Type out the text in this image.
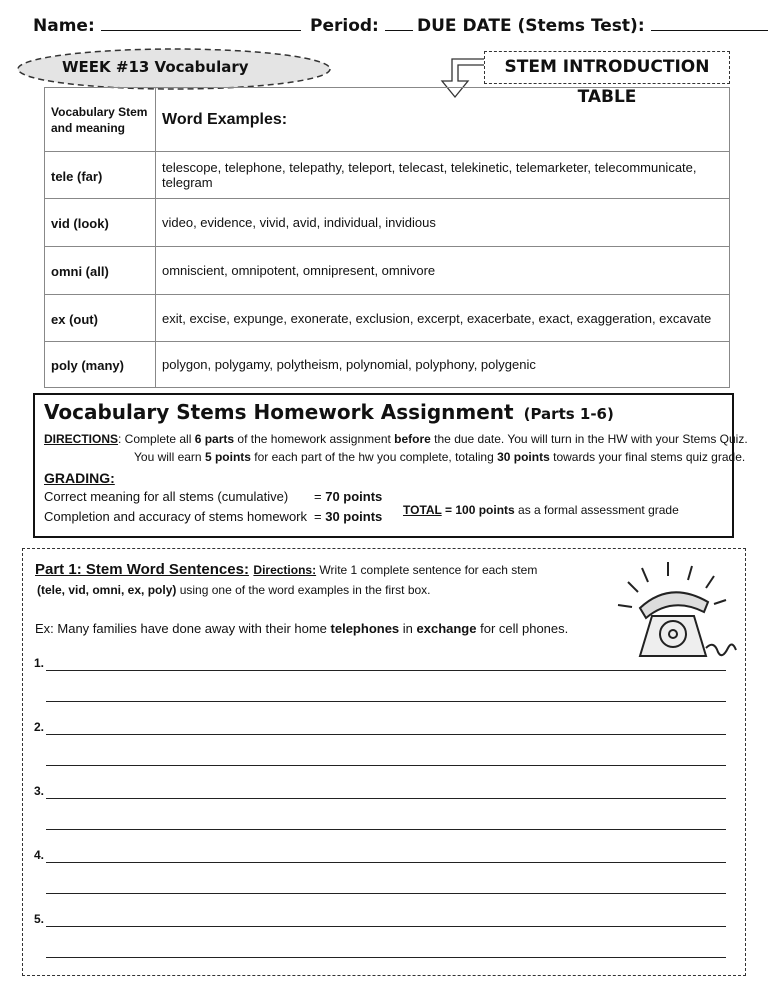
Name:	Period:	DUE DATE (Stems Test):
WEEK #13 Vocabulary	STEM INTRODUCTION TABLE
Vocabulary Stem
and meaning	Word Examples:
tele (far)	telescope, telephone, telepathy, teleport, telecast, telekinetic, telemarketer, telecommunicate, telegram
vid (look)	video, evidence, vivid, avid, individual, invidious
omni (all)	omniscient, omnipotent, omnipresent, omnivore
ex (out)	exit, excise, expunge, exonerate, exclusion, excerpt, exacerbate, exact, exaggeration, excavate
poly (many)	polygon, polygamy, polytheism, polynomial, polyphony, polygenic
Vocabulary Stems Homework Assignment (Parts 1-6)
DIRECTIONS: Complete all 6 parts of the homework assignment before the due date. You will turn in the HW with your Stems Quiz.
You will earn 5 points for each part of the hw you complete, totaling 30 points towards your final stems quiz grade.
GRADING:
Correct meaning for all stems (cumulative) = 70 points
Completion and accuracy of stems homework = 30 points TOTAL = 100 points as a formal assessment grade
Part 1: Stem Word Sentences: Directions: Write 1 complete sentence for each stem
(tele, vid, omni, ex, poly) using one of the word examples in the first box.
Ex: Many families have done away with their home telephones in exchange for cell phones.
1.
2.
3.
4.
5.
